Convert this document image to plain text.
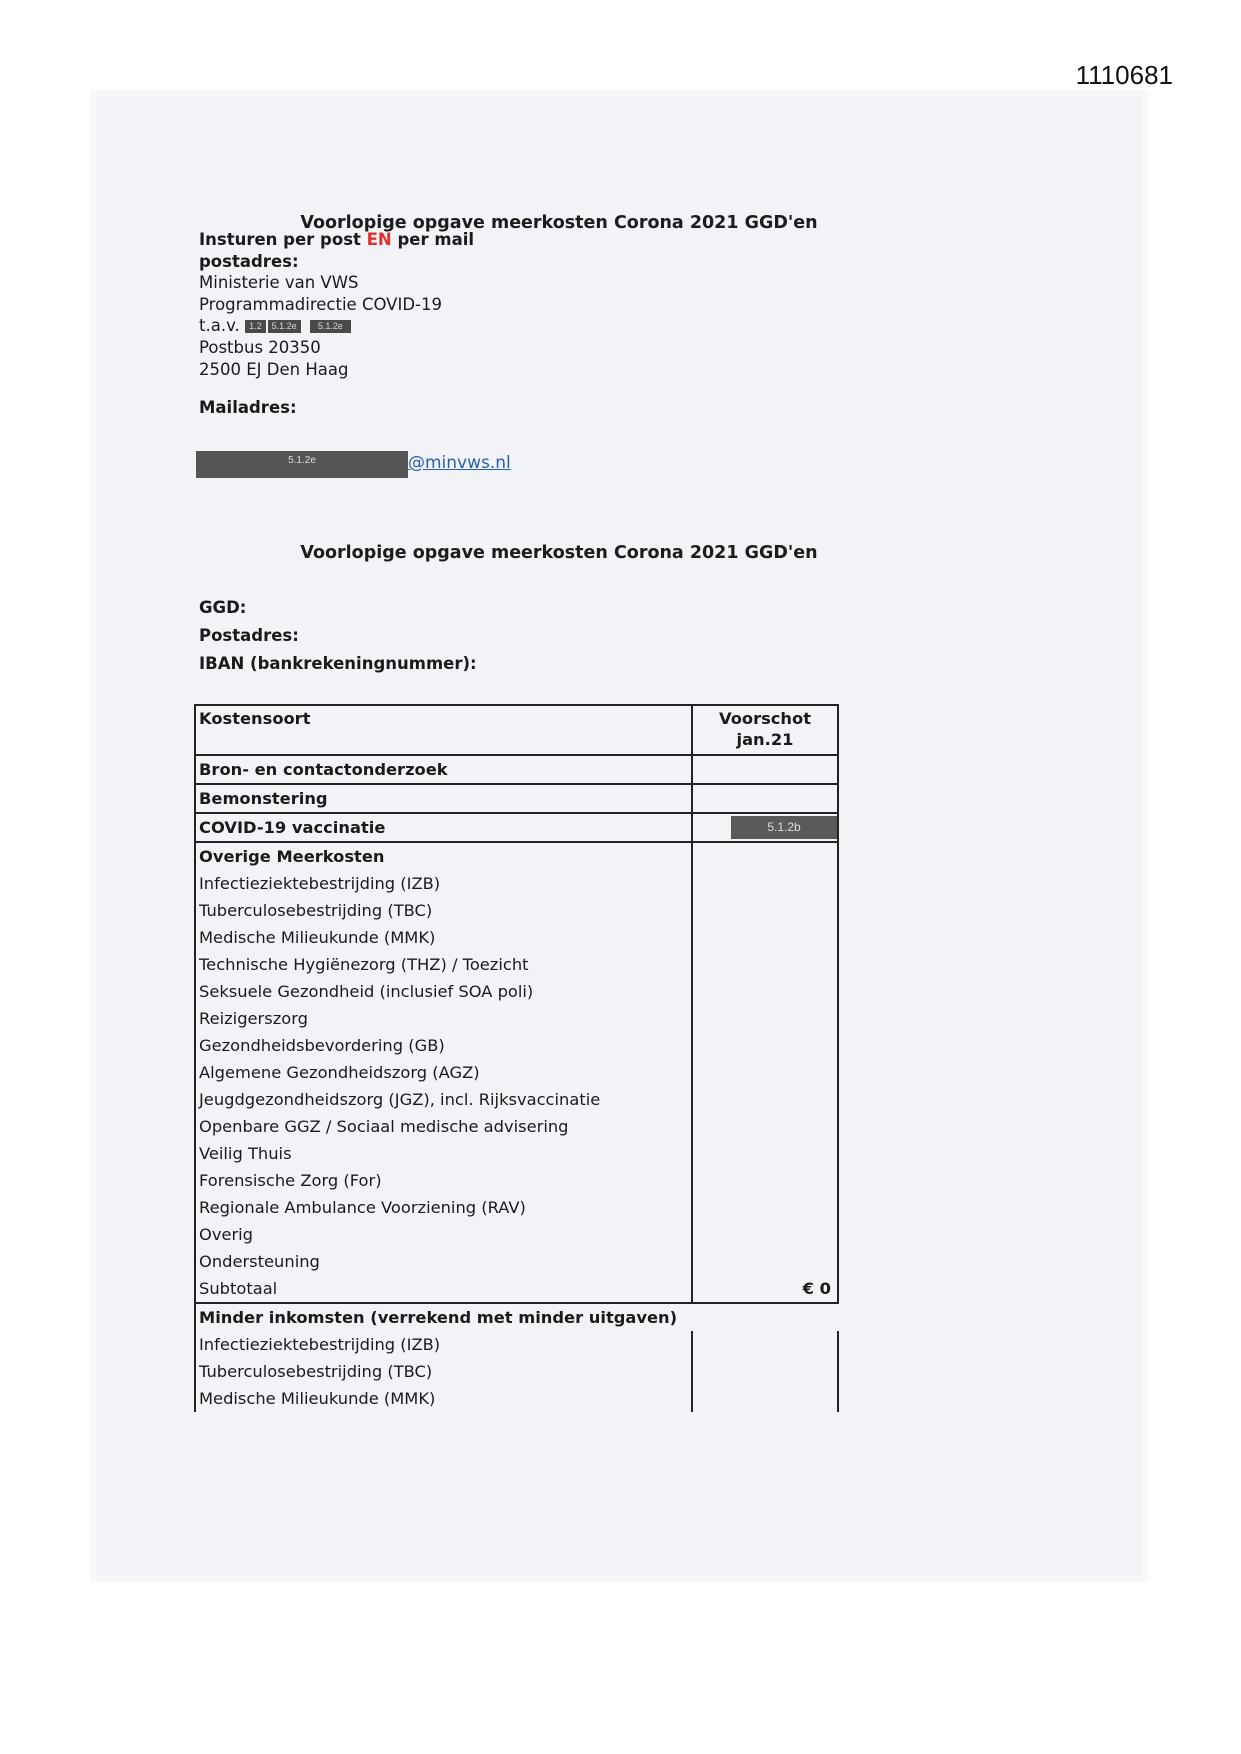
1110681
Voorlopige opgave meerkosten Corona 2021 GGD'en
Insturen per post EN per mail
postadres:
Ministerie van VWS
Programmadirectie COVID-19
t.a.v. 1.2 5.1.2e 5.1.2e
Postbus 20350
2500 EJ Den Haag
Mailadres:
5.1.2e	@minvws.nl
Voorlopige opgave meerkosten Corona 2021 GGD'en
GGD:
Postadres:
IBAN (bankrekeningnummer):
Kostensoort	Voorschot
jan.21

Bron- en contactonderzoek	
Bemonstering	
COVID-19 vaccinatie	5.1.2b

Overige Meerkosten	
Infectieziektebestrijding (IZB)	
Tuberculosebestrijding (TBC)	
Medische Milieukunde (MMK)	
Technische Hygiënezorg (THZ) / Toezicht	
Seksuele Gezondheid (inclusief SOA poli)	
Reizigerszorg	
Gezondheidsbevordering (GB)	
Algemene Gezondheidszorg (AGZ)	
Jeugdgezondheidszorg (JGZ), incl. Rijksvaccinatie	
Openbare GGZ / Sociaal medische advisering	
Veilig Thuis	
Forensische Zorg (For)	
Regionale Ambulance Voorziening (RAV)	
Overig	
Ondersteuning	
Subtotaal	€ 0
Minder inkomsten (verrekend met minder uitgaven)	
Infectieziektebestrijding (IZB)	
Tuberculosebestrijding (TBC)	
Medische Milieukunde (MMK)	
